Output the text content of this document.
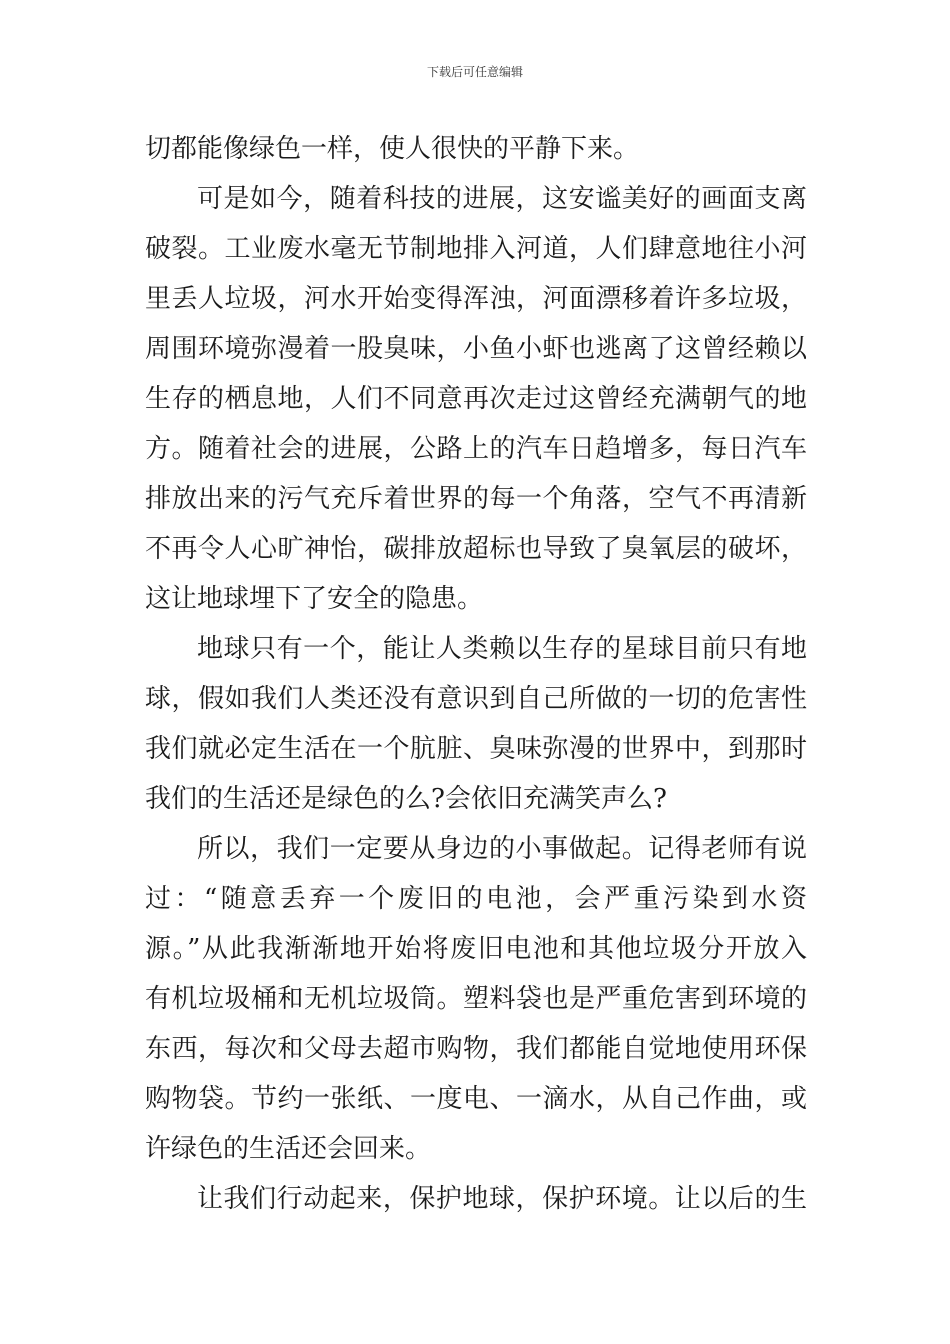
下载后可任意编辑
切都能像绿色一样，使人很快的平静下来。
可是如今，随着科技的进展，这安谧美好的画面支离
破裂。工业废水毫无节制地排入河道，人们肆意地往小河
里丢人垃圾，河水开始变得浑浊，河面漂移着许多垃圾，
周围环境弥漫着一股臭味，小鱼小虾也逃离了这曾经赖以
生存的栖息地，人们不同意再次走过这曾经充满朝气的地
方。随着社会的进展，公路上的汽车日趋增多，每日汽车
排放出来的污气充斥着世界的每一个角落，空气不再清新
不再令人心旷神怡，碳排放超标也导致了臭氧层的破坏，
这让地球埋下了安全的隐患。
地球只有一个，能让人类赖以生存的星球目前只有地
球，假如我们人类还没有意识到自己所做的一切的危害性
我们就必定生活在一个肮脏、臭味弥漫的世界中，到那时
我们的生活还是绿色的么?会依旧充满笑声么?
所以，我们一定要从身边的小事做起。记得老师有说
过：“随意丢弃一个废旧的电池，会严重污染到水资
源。”从此我渐渐地开始将废旧电池和其他垃圾分开放入
有机垃圾桶和无机垃圾筒。塑料袋也是严重危害到环境的
东西，每次和父母去超市购物，我们都能自觉地使用环保
购物袋。节约一张纸、一度电、一滴水，从自己作曲，或
许绿色的生活还会回来。
让我们行动起来，保护地球，保护环境。让以后的生
